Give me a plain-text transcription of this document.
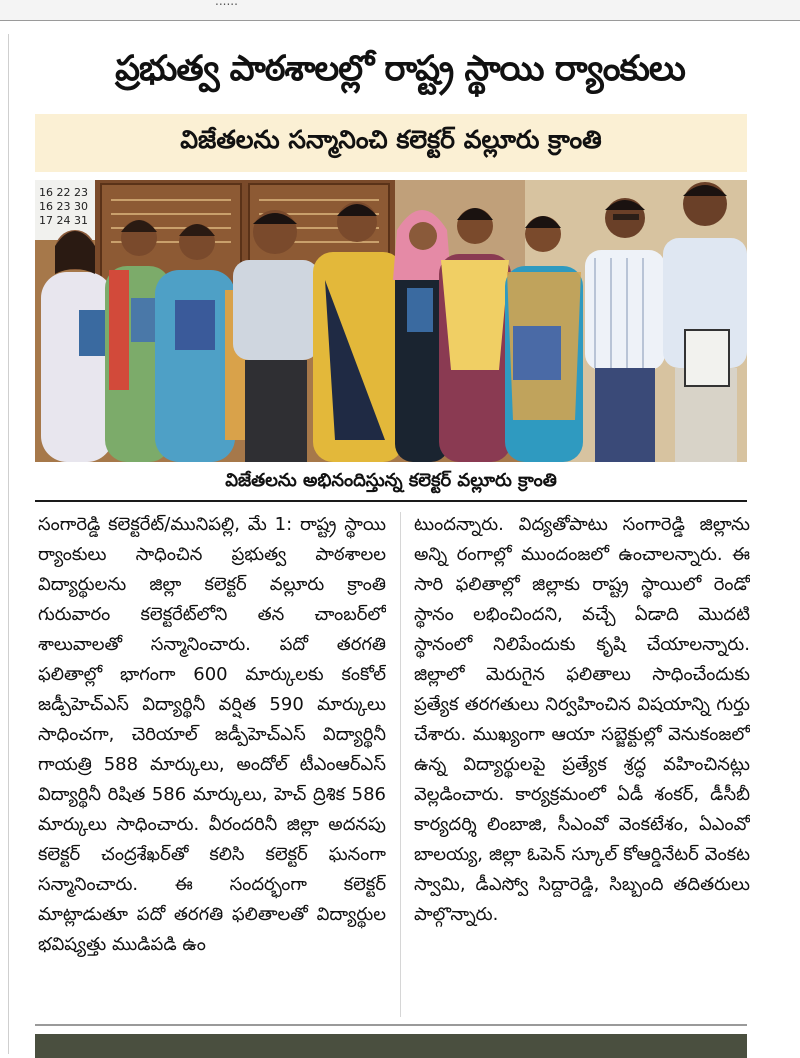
......
ప్రభుత్వ పాఠశాలల్లో రాష్ట్ర స్థాయి ర్యాంకులు
విజేతలను సన్మానించి కలెక్టర్ వల్లూరు క్రాంతి
16 22 23
16 23 30
17 24 31
విజేతలను అభినందిస్తున్న కలెక్టర్ వల్లూరు క్రాంతి

సంగారెడ్డి కలెక్టరేట్/మునిపల్లి, మే 1: రాష్ట్ర స్థాయి ర్యాంకులు సాధించిన ప్రభుత్వ పాఠశాలల విద్యార్థులను జిల్లా కలెక్టర్ వల్లూరు క్రాంతి గురువారం కలెక్టరేట్‌లోని తన చాంబర్‌లో శాలువాలతో సన్మానించారు. పదో తరగతి ఫలితాల్లో భాగంగా 600 మార్కులకు కంకోల్ జడ్పీహెచ్ఎస్ విద్యార్థినీ వర్షిత 590 మార్కులు సాధించగా, చెరియాల్ జడ్పీహెచ్ఎస్ విద్యార్థినీ గాయత్రి 588 మార్కులు, అందోల్ టీఎంఆర్ఎస్ విద్యార్థినీ రిషిత 586 మార్కులు, హెచ్ ద్రిశిక 586 మార్కులు సాధించారు. వీరందరినీ జిల్లా అదనపు కలెక్టర్ చంద్రశేఖర్‌తో కలిసి కలెక్టర్ ఘనంగా సన్మానించారు. ఈ సందర్భంగా కలెక్టర్ మాట్లాడుతూ పదో తరగతి ఫలితాలతో విద్యార్థుల భవిష్యత్తు ముడిపడి ఉం

టుందన్నారు. విద్యతోపాటు సంగారెడ్డి జిల్లాను అన్ని రంగాల్లో ముందంజలో ఉంచాలన్నారు. ఈ సారి ఫలితాల్లో జిల్లాకు రాష్ట్ర స్థాయిలో రెండో స్థానం లభించిందని, వచ్చే ఏడాది మొదటి స్థానంలో నిలిపేందుకు కృషి చేయాలన్నారు. జిల్లాలో మెరుగైన ఫలితాలు సాధించేందుకు ప్రత్యేక తరగతులు నిర్వహించిన విషయాన్ని గుర్తు చేశారు. ముఖ్యంగా ఆయా సబ్జెక్టుల్లో వెనుకంజలో ఉన్న విద్యార్థులపై ప్రత్యేక శ్రద్ధ వహించినట్లు వెల్లడించారు. కార్యక్రమంలో ఏడీ శంకర్, డీసీబీ కార్యదర్శి లింబాజి, సీఎంవో వెంకటేశం, ఏఎంవో బాలయ్య, జిల్లా ఓపెన్ స్కూల్ కోఆర్డినేటర్ వెంకట స్వామి, డీఎస్వో సిద్దారెడ్డి, సిబ్బంది తదితరులు పాల్గొన్నారు.
